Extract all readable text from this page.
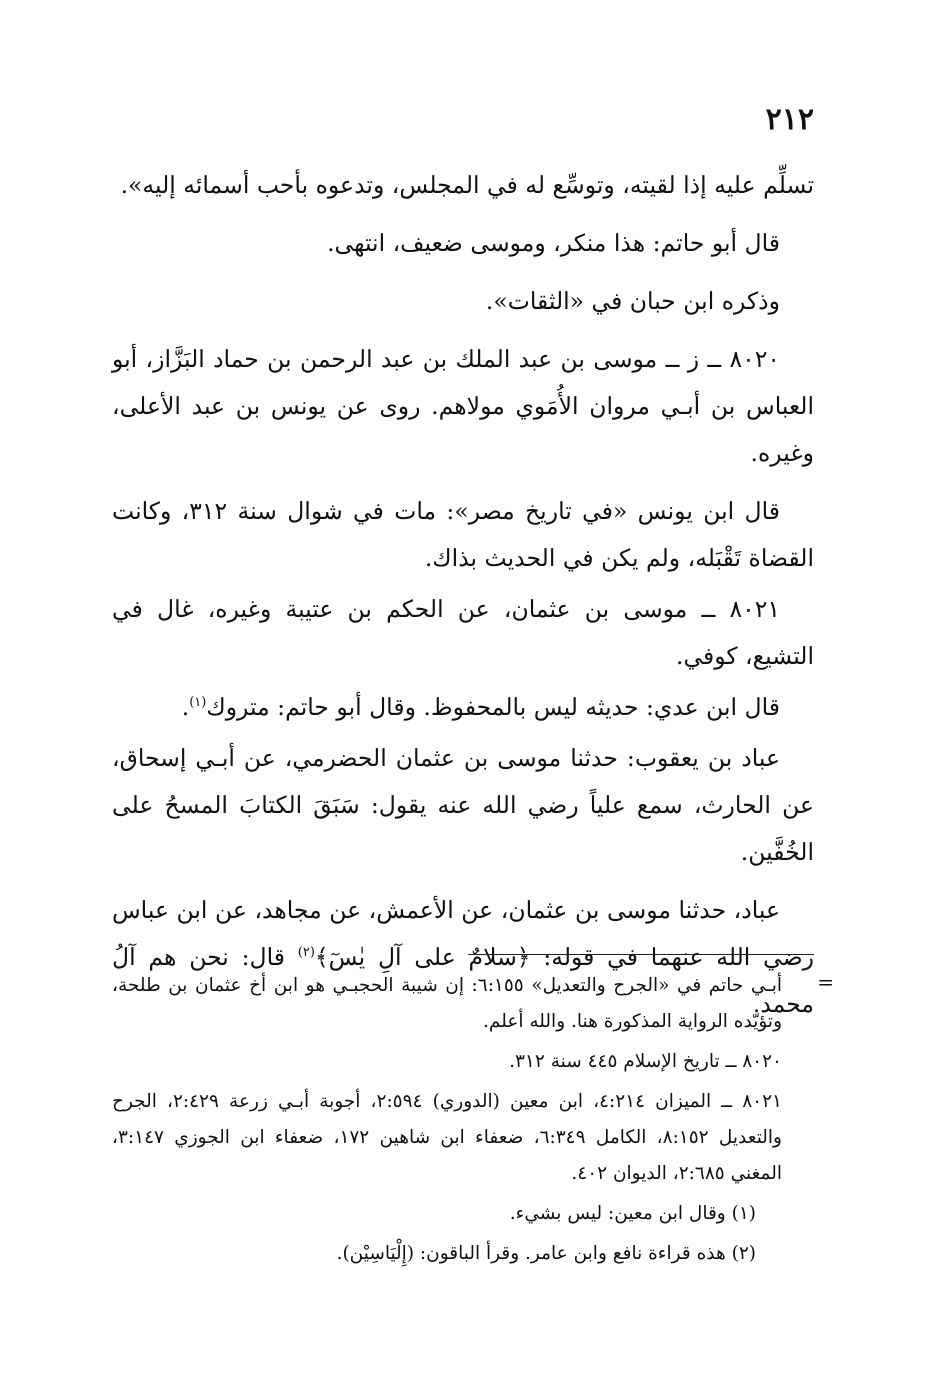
٢١٢

تسلِّم عليه إذا لقيته، وتوسِّع له في المجلس، وتدعوه بأحب أسمائه إليه».

قال أبو حاتم: هذا منكر، وموسى ضعيف، انتهى.

وذكره ابن حبان في «الثقات».

٨٠٢٠ ــ ز ــ موسى بن عبد الملك بن عبد الرحمن بن حماد البَزَّاز، أبو العباس بن أبـي مروان الأُمَوي مولاهم. روى عن يونس بن عبد الأعلى، وغيره.

قال ابن يونس «في تاريخ مصر»: مات في شوال سنة ٣١٢، وكانت القضاة تَقْبَله، ولم يكن في الحديث بذاك.

٨٠٢١ ــ موسى بن عثمان، عن الحكم بن عتيبة وغيره، غال في التشيع، كوفي.

قال ابن عدي: حديثه ليس بالمحفوظ. وقال أبو حاتم: متروك$^{(١)}$.

عباد بن يعقوب: حدثنا موسى بن عثمان الحضرمي، عن أبـي إسحاق، عن الحارث، سمع علياً رضي الله عنه يقول: سَبَقَ الكتابَ المسحُ على الخُفَّين.

عباد، حدثنا موسى بن عثمان، عن الأعمش، عن مجاهد، عن ابن عباس رضي الله عنهما في قوله: ﴿سلامٌ على آلِ يٰسٓ﴾$^{(٢)}$ قال: نحن هم آلُ محمد.

=

أبـي حاتم في «الجرح والتعديل» ٦:١٥٥: إن شيبة الحجبـي هو ابن أخ عثمان بن طلحة، وتؤيّده الرواية المذكورة هنا. والله أعلم.

٨٠٢٠ ــ تاريخ الإسلام ٤٤٥ سنة ٣١٢.

٨٠٢١ ــ الميزان ٤:٢١٤، ابن معين (الدوري) ٢:٥٩٤، أجوبة أبـي زرعة ٢:٤٢٩، الجرح والتعديل ٨:١٥٢، الكامل ٦:٣٤٩، ضعفاء ابن شاهين ١٧٢، ضعفاء ابن الجوزي ٣:١٤٧، المغني ٢:٦٨٥، الديوان ٤٠٢.

(١) وقال ابن معين: ليس بشيء.

(٢) هذه قراءة نافع وابن عامر. وقرأ الباقون: (إِلْيَاسِيْن).
